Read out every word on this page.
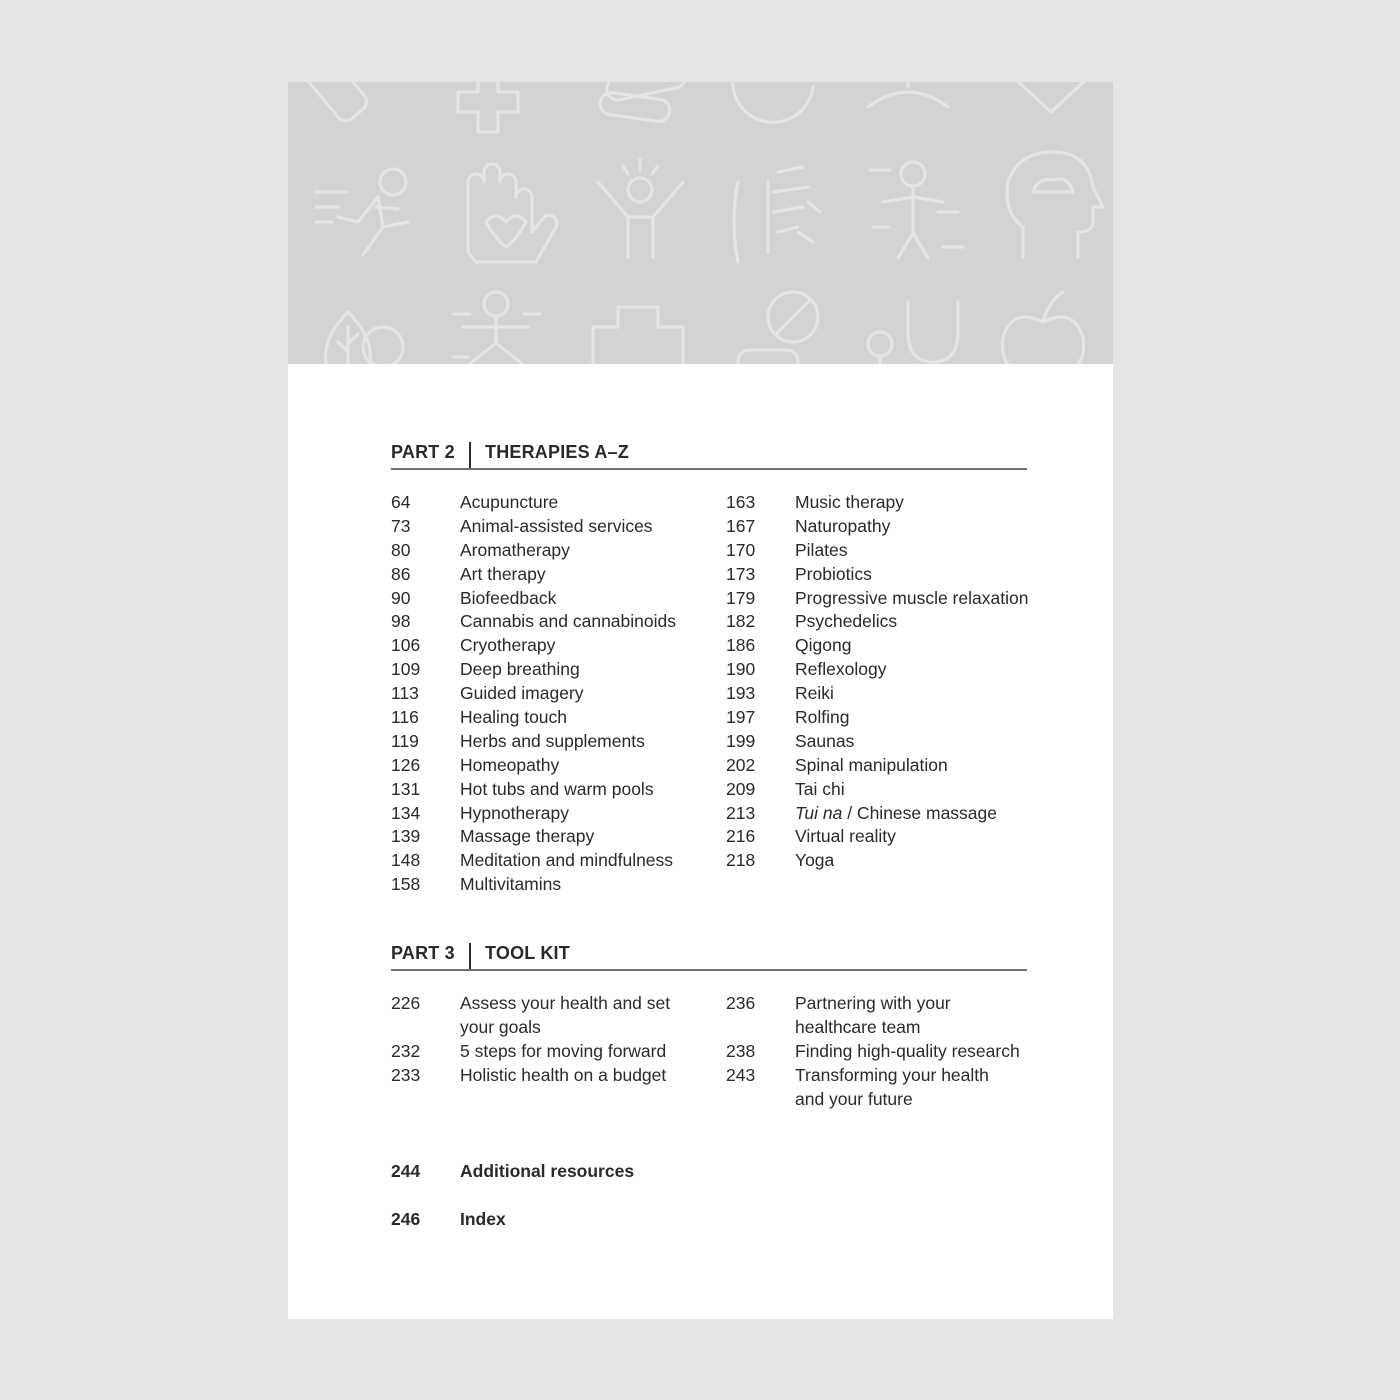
PART 2 THERAPIES A–Z
64	Acupuncture
73	Animal-assisted services
80	Aromatherapy
86	Art therapy
90	Biofeedback
98	Cannabis and cannabinoids
106 Cryotherapy
109 Deep breathing
113 Guided imagery
116 Healing touch
119 Herbs and supplements
126 Homeopathy
131 Hot tubs and warm pools
134 Hypnotherapy
139 Massage therapy
148 Meditation and mindfulness
158 Multivitamins
163 Music therapy
167 Naturopathy
170 Pilates
173 Probiotics
179 Progressive muscle relaxation
182 Psychedelics
186 Qigong
190 Reflexology
193 Reiki
197 Rolfing
199 Saunas
202 Spinal manipulation
209 Tai chi
213 Tui na / Chinese massage
216 Virtual reality
218 Yoga
PART 3 TOOL KIT
226 Assess your health and set your goals
232 5 steps for moving forward
233 Holistic health on a budget
236 Partnering with your healthcare team
238 Finding high-quality research
243 Transforming your health and your future
244 Additional resources
246 Index
